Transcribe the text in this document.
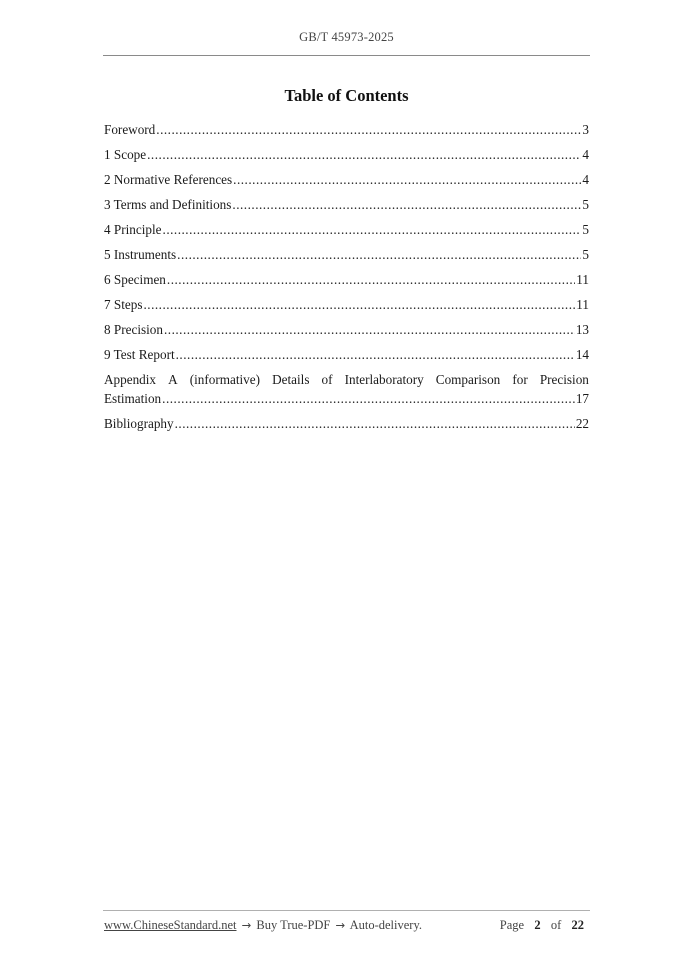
GB/T 45973-2025
Table of Contents
Foreword .....	3
1 Scope .....	4
2 Normative References .....	4
3 Terms and Definitions .....	5
4 Principle .....	5
5 Instruments .....	5
6 Specimen .....	11
7 Steps .....	11
8 Precision .....	13
9 Test Report .....	14
Appendix A (informative) Details of Interlaboratory Comparison for Precision
Estimation .....	17
Bibliography .....	22
www.ChineseStandard.net → Buy True-PDF → Auto-delivery.	Page 2 of 22
